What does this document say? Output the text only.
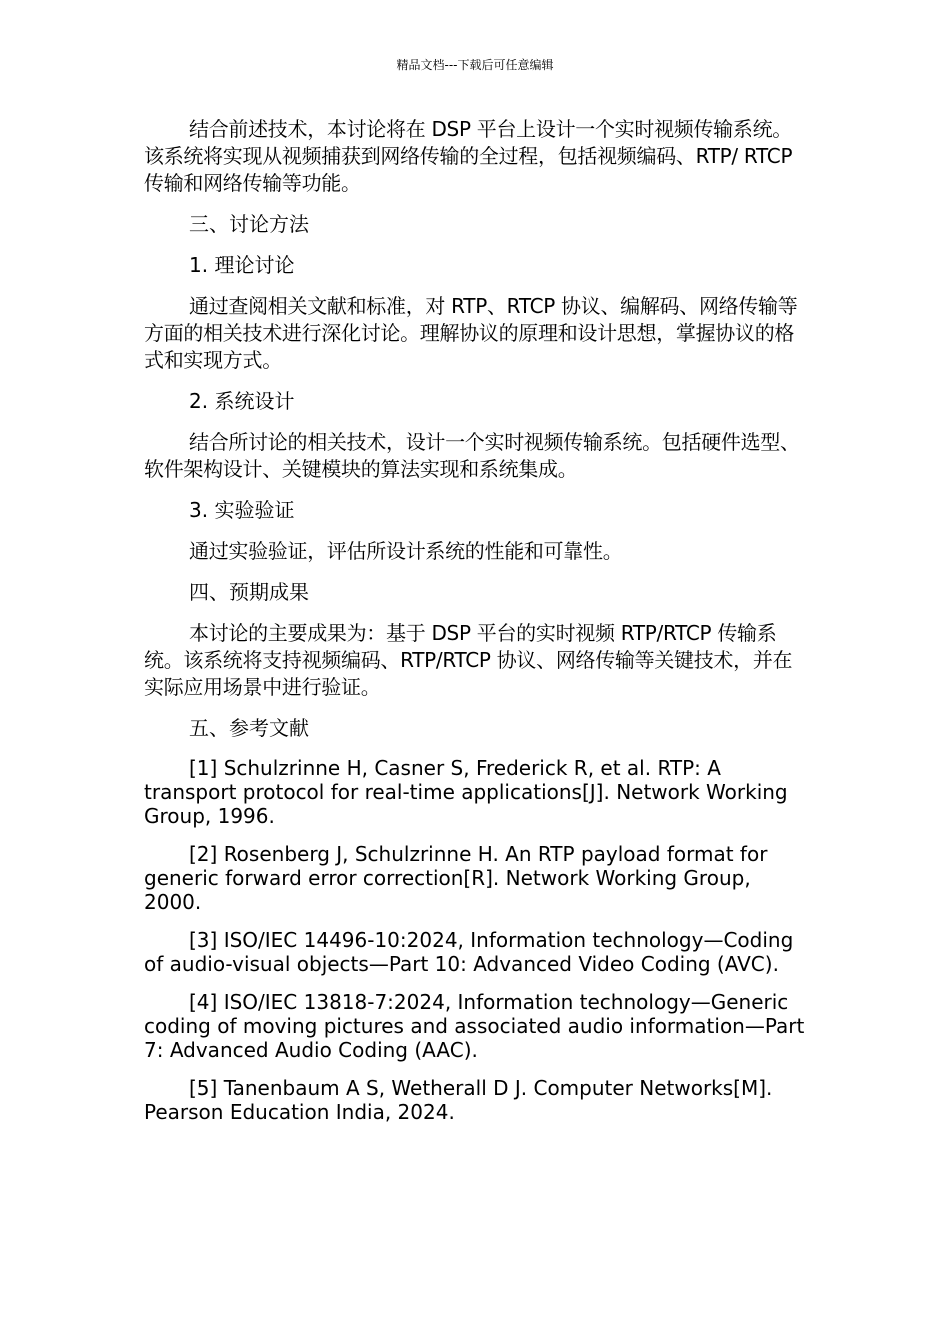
精品文档---下载后可任意编辑

结合前述技术，本讨论将在 DSP 平台上设计一个实时视频传输系统。该系统将实现从视频捕获到网络传输的全过程，包括视频编码、RTP/ RTCP 传输和网络传输等功能。

三、讨论方法

1. 理论讨论

通过查阅相关文献和标准，对 RTP、RTCP 协议、编解码、网络传输等方面的相关技术进行深化讨论。理解协议的原理和设计思想，掌握协议的格式和实现方式。

2. 系统设计

结合所讨论的相关技术，设计一个实时视频传输系统。包括硬件选型、软件架构设计、关键模块的算法实现和系统集成。

3. 实验验证

通过实验验证，评估所设计系统的性能和可靠性。

四、预期成果

本讨论的主要成果为：基于 DSP 平台的实时视频 RTP/RTCP 传输系统。该系统将支持视频编码、RTP/RTCP 协议、网络传输等关键技术，并在实际应用场景中进行验证。

五、参考文献

[1] Schulzrinne H, Casner S, Frederick R, et al. RTP: A transport protocol for real-time applications[J]. Network Working Group, 1996.

[2] Rosenberg J, Schulzrinne H. An RTP payload format for generic forward error correction[R]. Network Working Group, 2000.

[3] ISO/IEC 14496-10:2024, Information technology—Coding of audio-visual objects—Part 10: Advanced Video Coding (AVC).

[4] ISO/IEC 13818-7:2024, Information technology—Generic coding of moving pictures and associated audio information—Part 7: Advanced Audio Coding (AAC).

[5] Tanenbaum A S, Wetherall D J. Computer Networks[M]. Pearson Education India, 2024.
